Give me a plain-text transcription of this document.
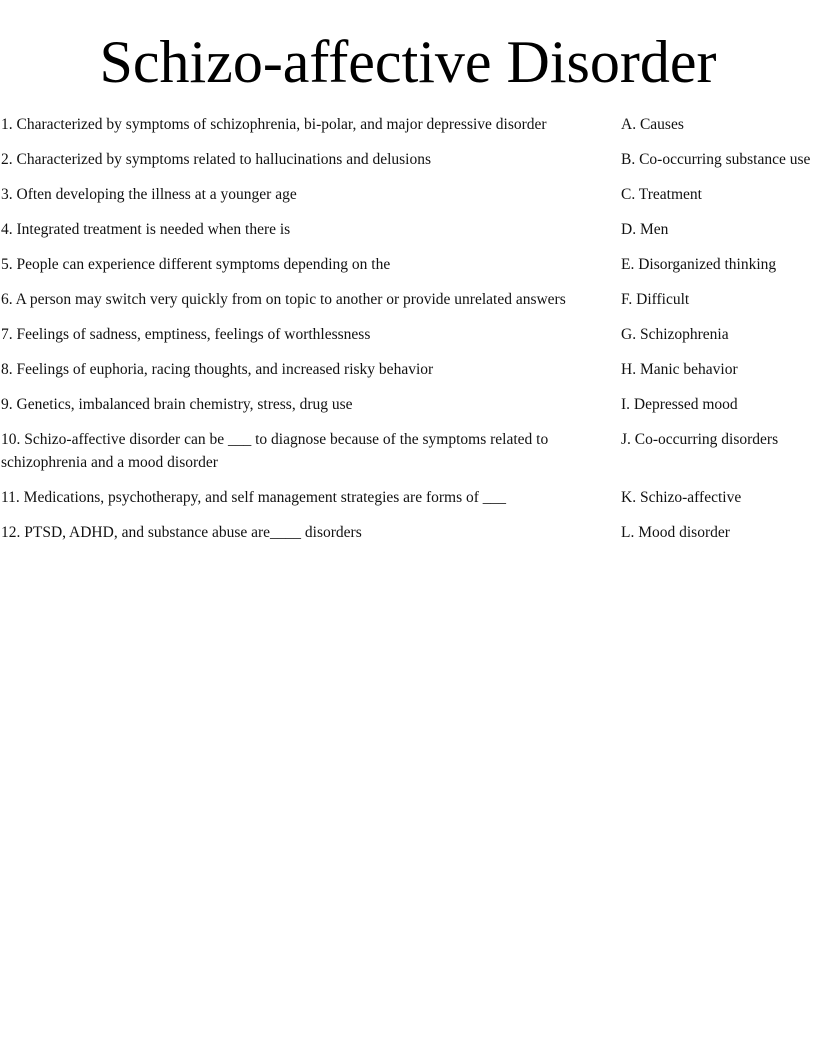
Schizo-affective Disorder
1. Characterized by symptoms of schizophrenia, bi-polar, and major depressive disorder	A. Causes
2. Characterized by symptoms related to hallucinations and delusions	B. Co-occurring substance use
3. Often developing the illness at a younger age	C. Treatment
4. Integrated treatment is needed when there is	D. Men
5. People can experience different symptoms depending on the	E. Disorganized thinking
6. A person may switch very quickly from on topic to another or provide unrelated answers	F. Difficult
7. Feelings of sadness, emptiness, feelings of worthlessness	G. Schizophrenia
8. Feelings of euphoria, racing thoughts, and increased risky behavior	H. Manic behavior
9. Genetics, imbalanced brain chemistry, stress, drug use	I. Depressed mood
10. Schizo-affective disorder can be ___ to diagnose because of the symptoms related to schizophrenia and a mood disorder
J. Co-occurring disorders
11. Medications, psychotherapy, and self management strategies are forms of ___	K. Schizo-affective
12. PTSD, ADHD, and substance abuse are____ disorders	L. Mood disorder
